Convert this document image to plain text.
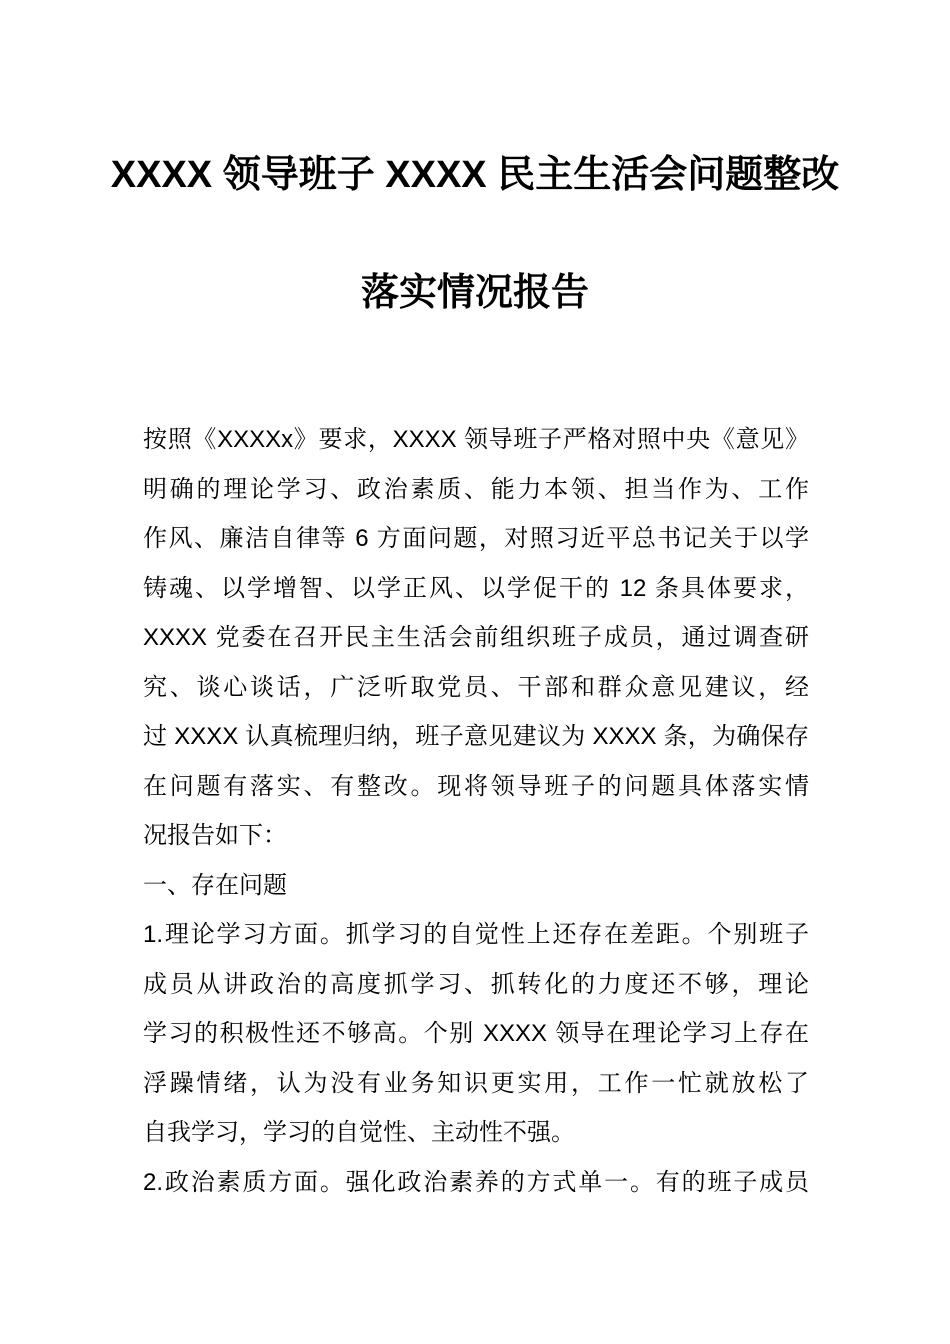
XXXX 领导班子 XXXX 民主生活会问题整改
落实情况报告
按照《XXXXx》要求，XXXX 领导班子严格对照中央《意见》
明确的理论学习、政治素质、能力本领、担当作为、工作
作风、廉洁自律等 6 方面问题，对照习近平总书记关于以学
铸魂、以学增智、以学正风、以学促干的 12 条具体要求，
XXXX 党委在召开民主生活会前组织班子成员，通过调查研
究、谈心谈话，广泛听取党员、干部和群众意见建议，经
过 XXXX 认真梳理归纳，班子意见建议为 XXXX 条，为确保存
在问题有落实、有整改。现将领导班子的问题具体落实情
况报告如下：
一、存在问题
1.理论学习方面。抓学习的自觉性上还存在差距。个别班子
成员从讲政治的高度抓学习、抓转化的力度还不够，理论
学习的积极性还不够高。个别 XXXX 领导在理论学习上存在
浮躁情绪，认为没有业务知识更实用，工作一忙就放松了
自我学习，学习的自觉性、主动性不强。
2.政治素质方面。强化政治素养的方式单一。有的班子成员
